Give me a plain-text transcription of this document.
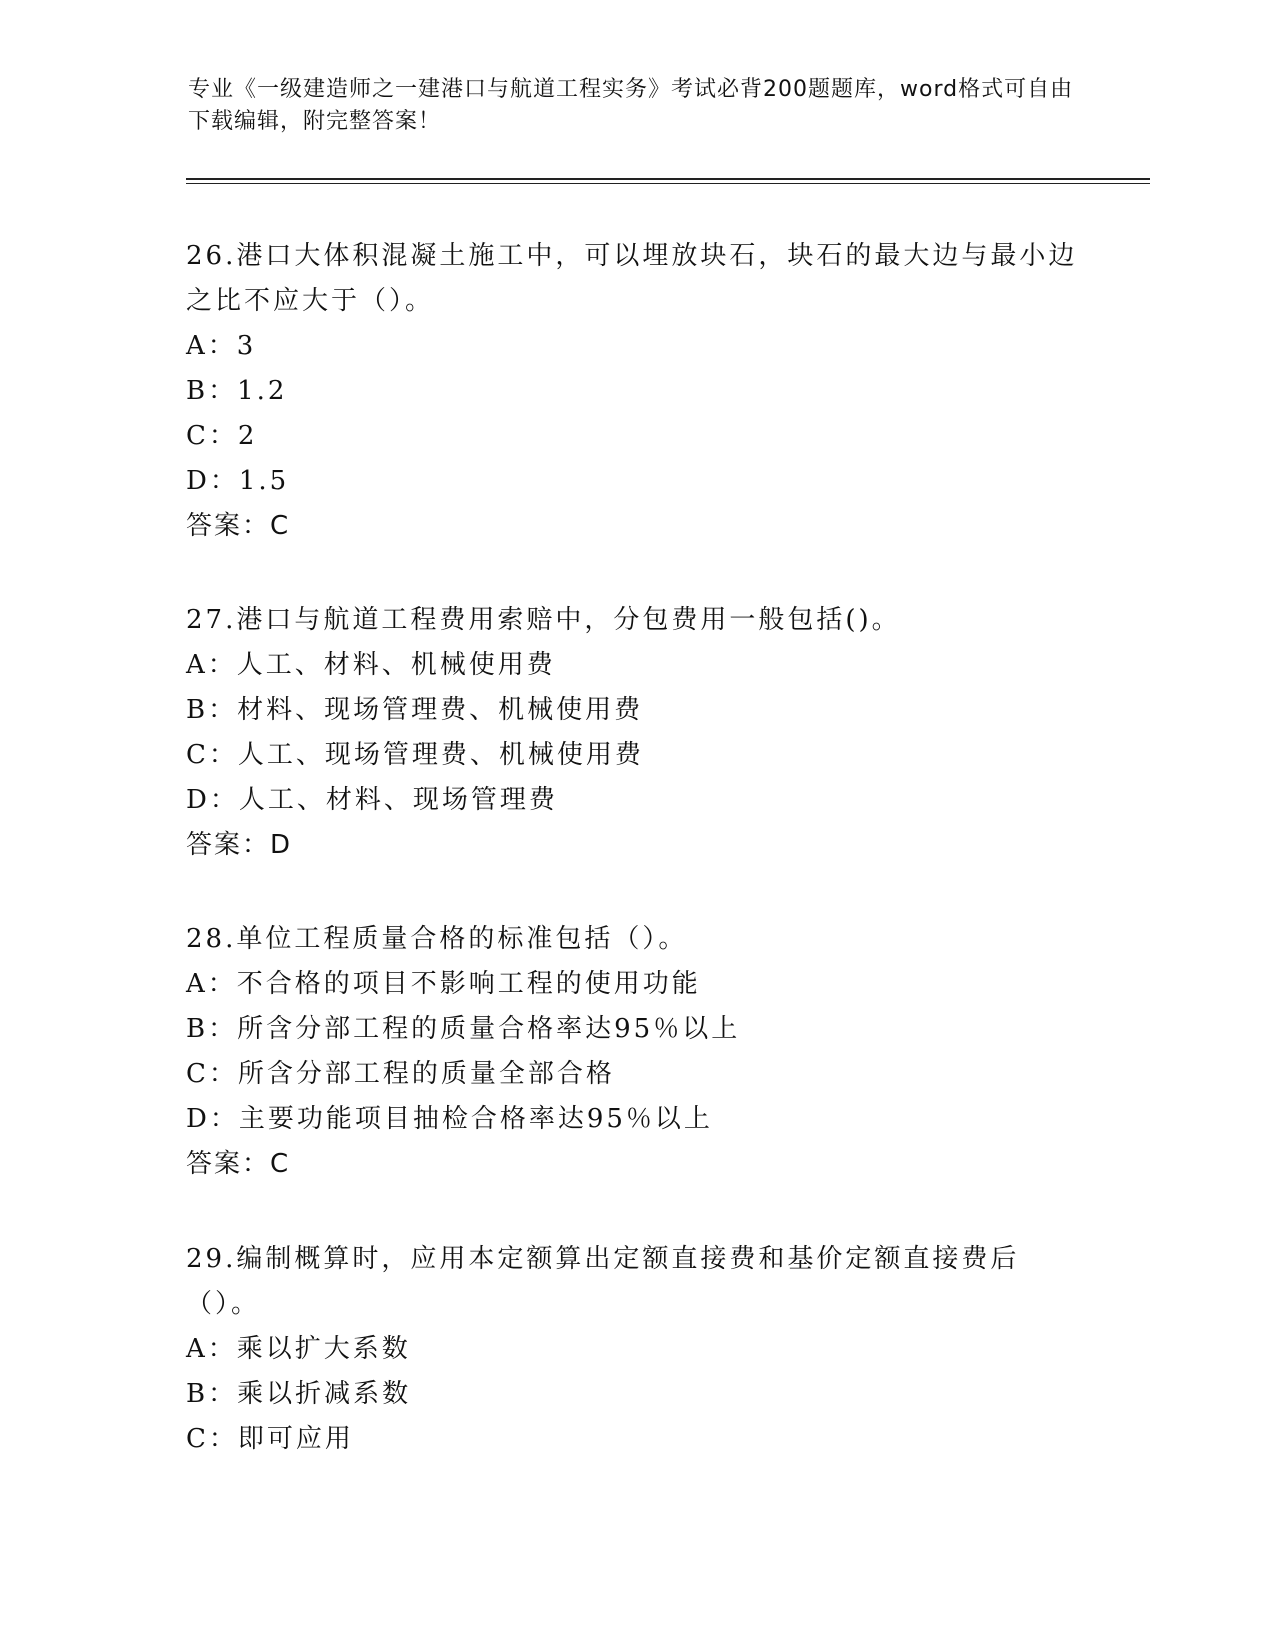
专业《一级建造师之一建港口与航道工程实务》考试必背200题题库，word格式可自由下载编辑，附完整答案！
26.港口大体积混凝土施工中，可以埋放块石，块石的最大边与最小边之比不应大于（）。
A：3
B：1.2
C：2
D：1.5
答案：C
27.港口与航道工程费用索赔中，分包费用一般包括()。
A：人工、材料、机械使用费
B：材料、现场管理费、机械使用费
C：人工、现场管理费、机械使用费
D：人工、材料、现场管理费
答案：D
28.单位工程质量合格的标准包括（）。
A：不合格的项目不影响工程的使用功能
B：所含分部工程的质量合格率达95％以上
C：所含分部工程的质量全部合格
D：主要功能项目抽检合格率达95％以上
答案：C
29.编制概算时，应用本定额算出定额直接费和基价定额直接费后（）。
A：乘以扩大系数
B：乘以折减系数
C：即可应用
